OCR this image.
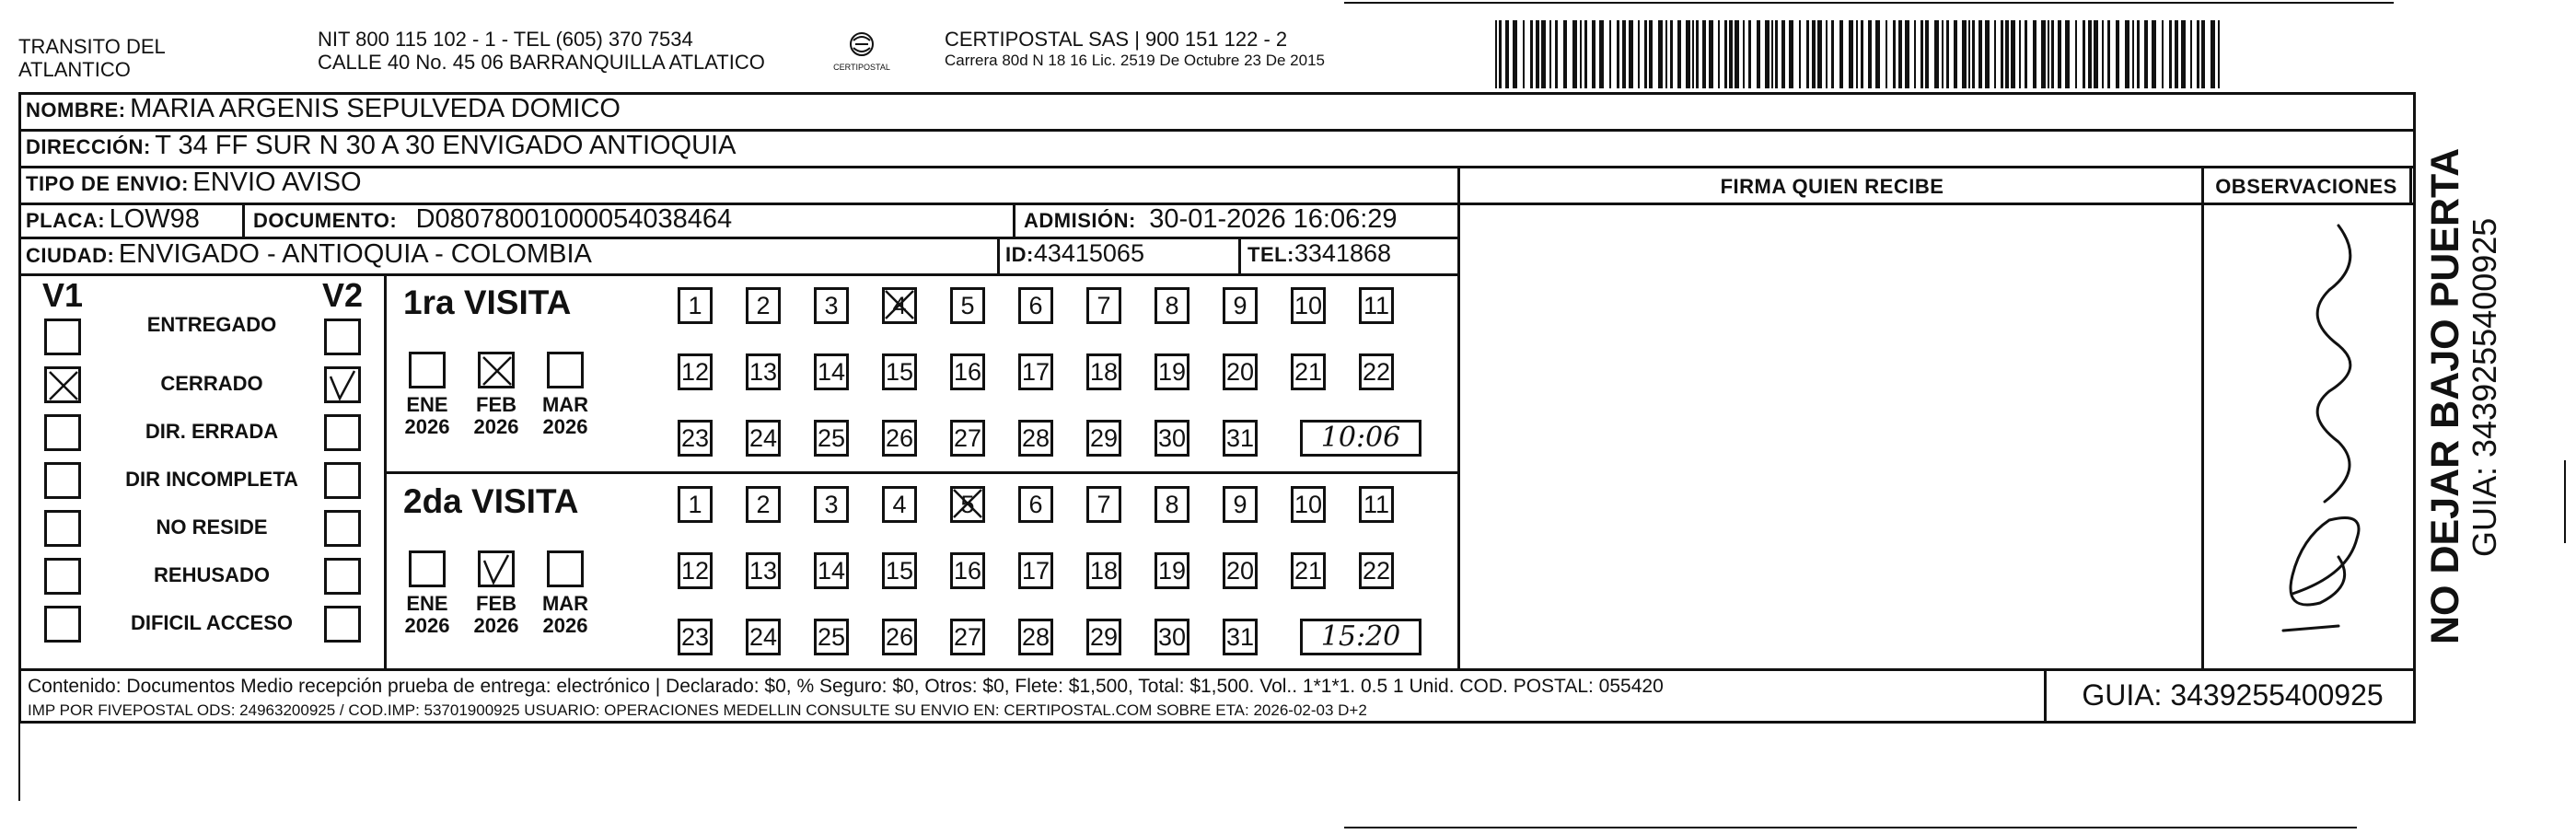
TRANSITO DEL
ATLANTICO
NIT 800 115 102 - 1 - TEL (605) 370 7534
CALLE 40 No. 45 06 BARRANQUILLA ATLATICO	CERTIPOSTAL
CERTIPOSTAL SAS | 900 151 122 - 2
Carrera 80d N 18 16 Lic. 2519 De Octubre 23 De 2015
NOMBRE: MARIA ARGENIS SEPULVEDA DOMICO
DIRECCIÓN: T 34 FF SUR N 30 A 30 ENVIGADO ANTIOQUIA
TIPO DE ENVIO: ENVIO AVISO	FIRMA QUIEN RECIBE	OBSERVACIONES
PLACA: LOW98	DOCUMENTO: D08078001000054038464	ADMISIÓN: 30-01-2026 16:06:29
CIUDAD: ENVIGADO - ANTIOQUIA - COLOMBIA	ID:43415065	TEL:3341868
V1	V2
ENTREGADO
CERRADO
DIR. ERRADA
DIR INCOMPLETA
NO RESIDE
REHUSADO
DIFICIL ACCESO
1ra VISITA
ENE
2026
FEB
2026
MAR
2026
1	2	3	4	5	6	7	8	9	10 11
12 13 14 15 16 17 18 19 20 21 22
23 24 25 26 27 28 29 30 31	10:06
2da VISITA
ENE
2026
FEB
2026
MAR
2026
1	2	3	4	5	6	7	8	9	10 11
12 13 14 15 16 17 18 19 20 21 22
23 24 25 26 27 28 29 30 31	15:20
Contenido: Documentos Medio recepción prueba de entrega: electrónico | Declarado: $0, % Seguro: $0, Otros: $0, Flete: $1,500, Total: $1,500. Vol.. 1*1*1. 0.5 1 Unid. COD. POSTAL: 055420
IMP POR FIVEPOSTAL ODS: 24963200925 / COD.IMP: 53701900925 USUARIO: OPERACIONES MEDELLIN CONSULTE SU ENVIO EN: CERTIPOSTAL.COM SOBRE ETA: 2026-02-03 D+2	GUIA: 3439255400925
NO DEJAR BAJO PUERTA
GUIA: 3439255400925
